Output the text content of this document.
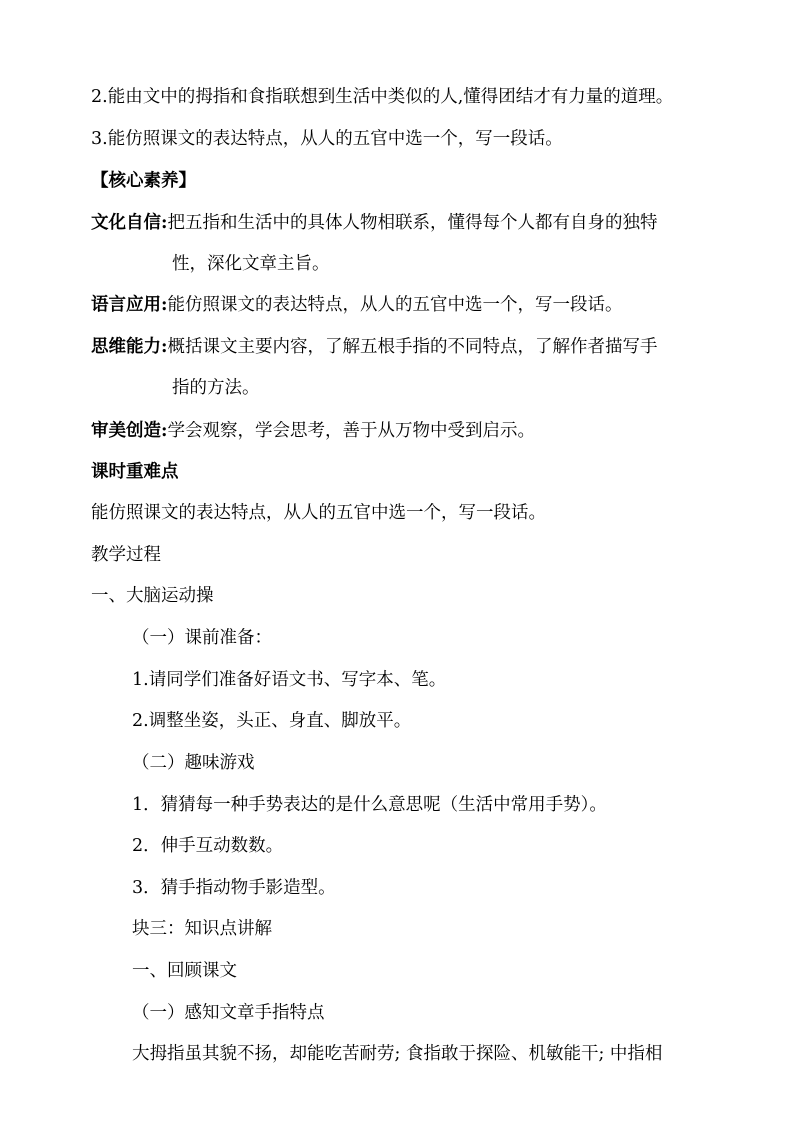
2.能由文中的拇指和食指联想到生活中类似的人,懂得团结才有力量的道理。
3.能仿照课文的表达特点，从人的五官中选一个，写一段话。
【核心素养】
文化自信:把五指和生活中的具体人物相联系，懂得每个人都有自身的独特
性，深化文章主旨。
语言应用:能仿照课文的表达特点，从人的五官中选一个，写一段话。
思维能力:概括课文主要内容，了解五根手指的不同特点，了解作者描写手
指的方法。
审美创造:学会观察，学会思考，善于从万物中受到启示。
课时重难点
能仿照课文的表达特点，从人的五官中选一个，写一段话。
教学过程
一、大脑运动操
（一）课前准备：
1.请同学们准备好语文书、写字本、笔。
2.调整坐姿，头正、身直、脚放平。
（二）趣味游戏
1．猜猜每一种手势表达的是什么意思呢（生活中常用手势）。
2．伸手互动数数。
3．猜手指动物手影造型。
块三：知识点讲解
一、回顾课文
（一）感知文章手指特点
大拇指虽其貌不扬，却能吃苦耐劳; 食指敢于探险、机敏能干; 中指相
